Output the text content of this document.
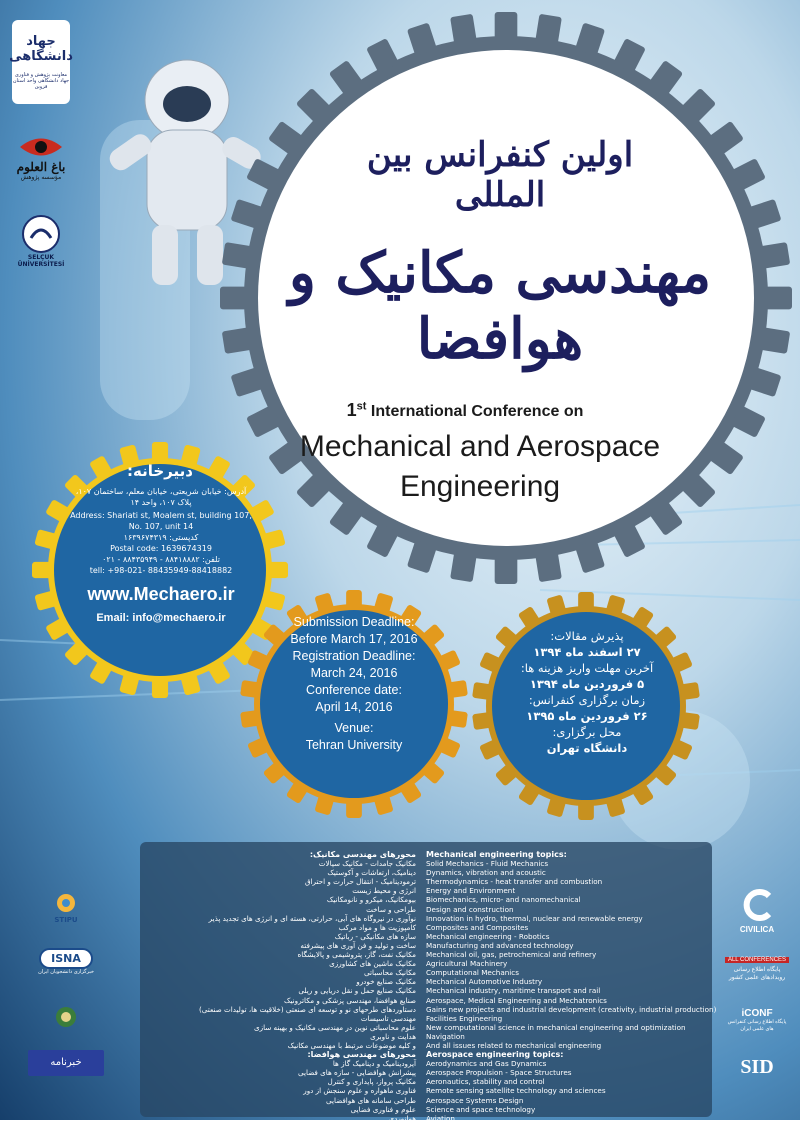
جهاد دانشگاهی
معاونت پژوهش و فناوری جهاد دانشگاهی واحد استان قزوین
باغ العلوم
مؤسسه پژوهش
SELÇUK ÜNİVERSİTESİ
اولین کنفرانس بین المللی
مهندسی مکانیک و هوافضا
1st International Conference on
Mechanical and Aerospace
Engineering
دبیرخانه:
آدرس: خیابان شریعتی، خیابان معلم، ساختمان ۱۰۷،
پلاک ۱۰۷، واحد ۱۴
Address: Shariati st, Moalem st, building 107,
No. 107, unit 14
کدپستی: ۱۶۳۹۶۷۴۳۱۹
Postal code: 1639674319
تلفن: ۸۸۴۱۸۸۸۲ - ۸۸۴۳۵۹۴۹ - ۰۲۱
tell: +98-021- 88435949-88418882
www.Mechaero.ir
Email: info@mechaero.ir	Submission Deadline:
Before March 17, 2016
Registration Deadline:
March 24, 2016
Conference date:
April 14, 2016
Venue:
Tehran University
پذیرش مقالات:
۲۷ اسفند ماه ۱۳۹۴
آخرین مهلت واریز هزینه ها:
۵ فروردین ماه ۱۳۹۴
زمان برگزاری کنفرانس:
۲۶ فروردین ماه ۱۳۹۵
محل برگزاری:
دانشگاه تهران
محورهای مهندسی مکانیک:
مکانیک جامدات - مکانیک سیالات
دینامیک، ارتعاشات و آکوستیک
ترمودینامیک - انتقال حرارت و احتراق
انرژی و محیط زیست
بیومکانیک، میکرو و نانومکانیک
طراحی و ساخت
نوآوری در نیروگاه های آبی، حرارتی، هسته ای و انرژی های تجدید پذیر
کامپوزیت ها و مواد مرکب
سازه های مکانیکی - رباتیک
ساخت و تولید و فن آوری های پیشرفته
مکانیک نفت، گاز، پتروشیمی و پالایشگاه
مکانیک ماشین های کشاورزی
مکانیک محاسباتی
مکانیک صنایع خودرو
مکانیک صنایع حمل و نقل دریایی و ریلی
صنایع هوافضا، مهندسی پزشکی و مکاترونیک
دستاوردهای طرحهای نو و توسعه ای صنعتی (خلاقیت ها، تولیدات صنعتی)
مهندسی تاسیسات
علوم محاسباتی نوین در مهندسی مکانیک و بهینه سازی
هدایت و ناوبری
و کلیه موضوعات مرتبط با مهندسی مکانیک
محورهای مهندسی هوافضا:
آیرودینامیک و دینامیک گاز ها
پیشرانش هوافضایی - سازه های فضایی
مکانیک پرواز، پایداری و کنترل
فناوری ماهواره و علوم سنجش از دور
طراحی سامانه های هوافضایی
علوم و فناوری فضایی
هوانوردی
علوم وابسته به هوافضا شامل حقوق هوافضا، زیست فضایی، مدیریت هوافضا
Mechanical engineering topics:
Solid Mechanics - Fluid Mechanics
Dynamics, vibration and acoustic
Thermodynamics - heat transfer and combustion
Energy and Environment
Biomechanics, micro- and nanomechanical
Design and construction
Innovation in hydro, thermal, nuclear and renewable energy
Composites and Composites
Mechanical engineering - Robotics
Manufacturing and advanced technology
Mechanical oil, gas, petrochemical and refinery
Agricultural Machinery
Computational Mechanics
Mechanical Automotive Industry
Mechanical industry, maritime transport and rail
Aerospace, Medical Engineering and Mechatronics
Gains new projects and industrial development (creativity, industrial production)
Facilities Engineering
New computational science in mechanical engineering and optimization
Navigation
And all issues related to mechanical engineering
Aerospace engineering topics:
Aerodynamics and Gas Dynamics
Aerospace Propulsion - Space Structures
Aeronautics, stability and control
Remote sensing satellite technology and sciences
Aerospace Systems Design
Science and space technology
Aviation
Aerospace-related sciences, including space law, space biology, space management
STIPU
ISNA
خبرگزاری دانشجویان ایران
خبرنامه
CIVILICA
ALL CONFERENCES
پایگاه اطلاع رسانی رویدادهای علمی کشور
iCONF
پایگاه اطلاع رسانی کنفرانس های علمی ایران
SID
